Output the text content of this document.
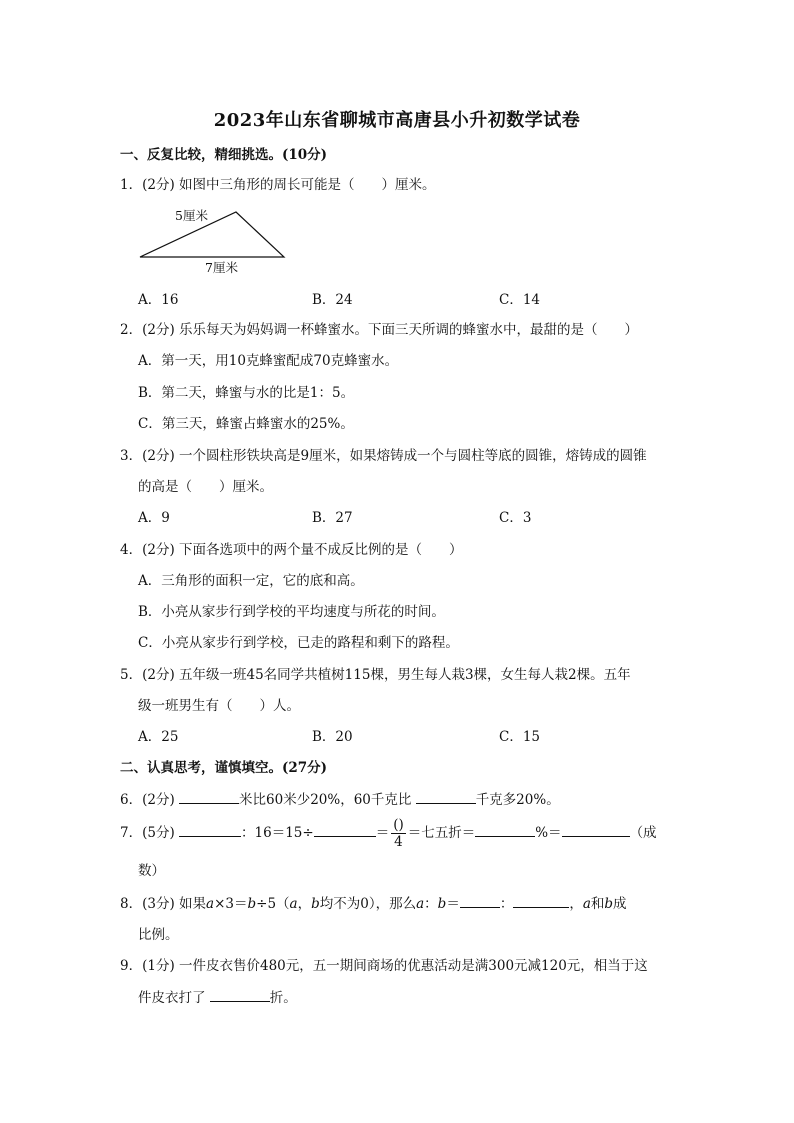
2023年山东省聊城市高唐县小升初数学试卷
一、反复比较，精细挑选。(10分)
1．(2分) 如图中三角形的周长可能是（　　）厘米。
5厘米
7厘米
A．16	B．24	C．14
2．(2分) 乐乐每天为妈妈调一杯蜂蜜水。下面三天所调的蜂蜜水中，最甜的是（　　）
A．第一天，用10克蜂蜜配成70克蜂蜜水。
B．第二天，蜂蜜与水的比是1：5。
C．第三天，蜂蜜占蜂蜜水的25%。
3．(2分) 一个圆柱形铁块高是9厘米，如果熔铸成一个与圆柱等底的圆锥，熔铸成的圆锥
的高是（　　）厘米。
A．9	B．27	C．3
4．(2分) 下面各选项中的两个量不成反比例的是（　　）
A．三角形的面积一定，它的底和高。
B．小亮从家步行到学校的平均速度与所花的时间。
C．小亮从家步行到学校，已走的路程和剩下的路程。
5．(2分) 五年级一班45名同学共植树115棵，男生每人栽3棵，女生每人栽2棵。五年
级一班男生有（　　）人。
A．25	B．20	C．15
二、认真思考，谨慎填空。(27分)
6．(2分)	米比60米少20%，60千克比	千克多20%。
7．(5分)	：16＝15÷	＝ $\frac{()}{4}$ ＝七五折＝	%＝	（成
数）
8．(3分) 如果a×3＝b÷5（a，b均不为0），那么a：b＝	：	，a和b成
比例。
9．(1分) 一件皮衣售价480元，五一期间商场的优惠活动是满300元减120元，相当于这
件皮衣打了	折。
